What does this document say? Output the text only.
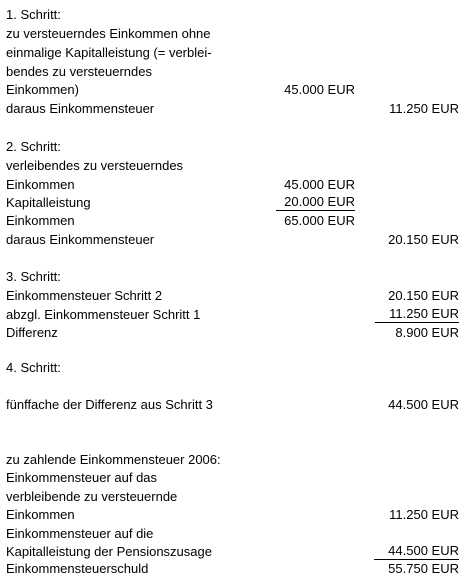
1. Schritt:
zu versteuerndes Einkommen ohne
einmalige Kapitalleistung (= verblei-
bendes zu versteuerndes
Einkommen)	45.000 EUR
daraus Einkommensteuer	11.250 EUR
2. Schritt:
verleibendes zu versteuerndes
Einkommen	45.000 EUR
Kapitalleistung	20.000 EUR
Einkommen	65.000 EUR
daraus Einkommensteuer	20.150 EUR
3. Schritt:
Einkommensteuer Schritt 2	20.150 EUR
abzgl. Einkommensteuer Schritt 1	11.250 EUR
Differenz	8.900 EUR
4. Schritt:
fünffache der Differenz aus Schritt 3	44.500 EUR
zu zahlende Einkommensteuer 2006:
Einkommensteuer auf das
verbleibende zu versteuernde
Einkommen	11.250 EUR
Einkommensteuer auf die
Kapitalleistung der Pensionszusage	44.500 EUR
Einkommensteuerschuld	55.750 EUR
